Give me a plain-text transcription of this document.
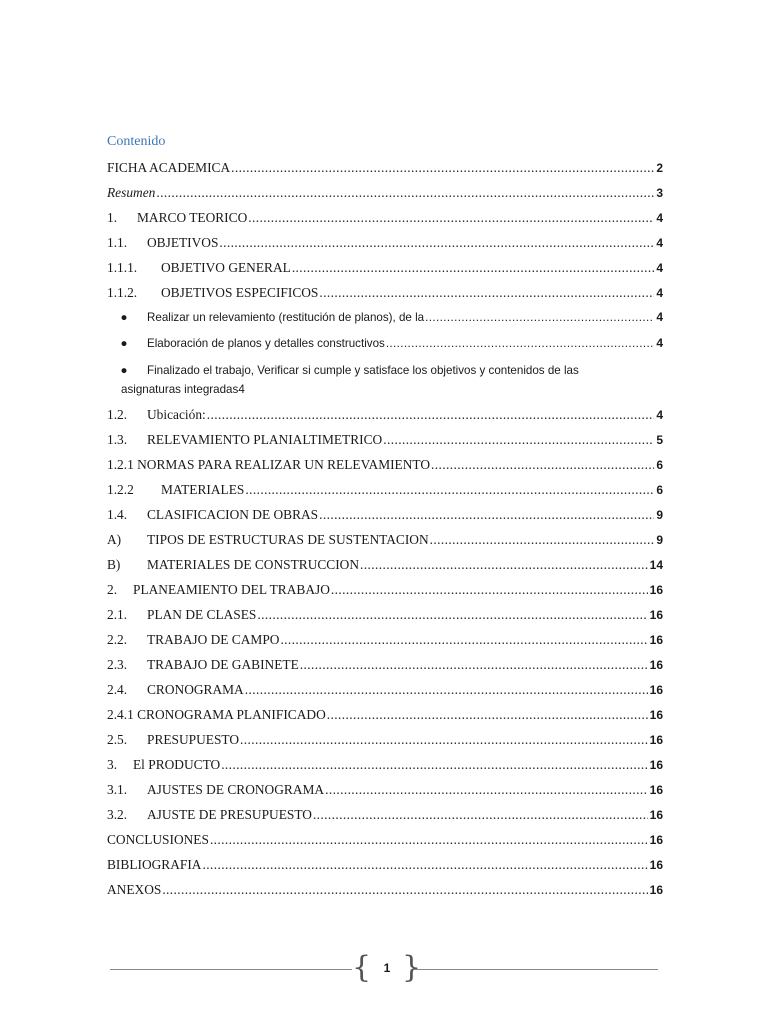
Contenido
FICHA ACADEMICA .....	2
Resumen .....	3
1.	MARCO TEORICO .....	4
1.1.	OBJETIVOS .....	4
1.1.1.	OBJETIVO GENERAL .....	4
1.1.2.	OBJETIVOS ESPECIFICOS .....	4
● Realizar un relevamiento (restitución de planos), de la .....	4
● Elaboración de planos y detalles constructivos .....	4
● Finalizado el trabajo, Verificar si cumple y satisface los objetivos y contenidos de las
asignaturas integradas 4
1.2.	Ubicación: .....	4
1.3.	RELEVAMIENTO PLANIALTIMETRICO .....	5
1.2.1 NORMAS PARA REALIZAR UN RELEVAMIENTO .....	6
1.2.2	MATERIALES .....	6
1.4.	CLASIFICACION DE OBRAS .....	9
A)	TIPOS DE ESTRUCTURAS DE SUSTENTACION .....	9
B)	MATERIALES DE CONSTRUCCION .....	14
2.	PLANEAMIENTO DEL TRABAJO .....	16
2.1.	PLAN DE CLASES .....	16
2.2.	TRABAJO DE CAMPO .....	16
2.3.	TRABAJO DE GABINETE .....	16
2.4.	CRONOGRAMA .....	16
2.4.1 CRONOGRAMA PLANIFICADO .....	16
2.5.	PRESUPUESTO .....	16
3.	El PRODUCTO .....	16
3.1.	AJUSTES DE CRONOGRAMA .....	16
3.2.	AJUSTE DE PRESUPUESTO .....	16
CONCLUSIONES .....	16
BIBLIOGRAFIA .....	16
ANEXOS .....	16
{	1 }
